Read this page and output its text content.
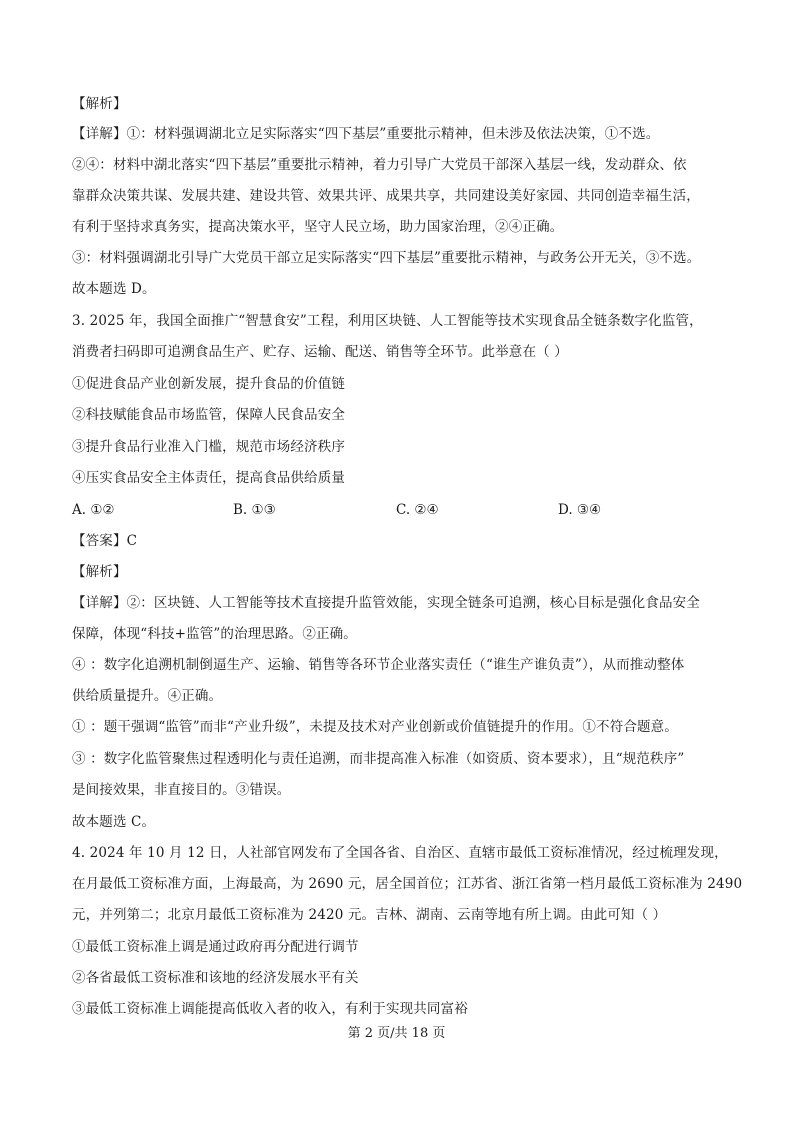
【解析】
【详解】①：材料强调湖北立足实际落实“四下基层”重要批示精神，但未涉及依法决策，①不选。
②④：材料中湖北落实“四下基层”重要批示精神，着力引导广大党员干部深入基层一线，发动群众、依
靠群众决策共谋、发展共建、建设共管、效果共评、成果共享，共同建设美好家园、共同创造幸福生活，
有利于坚持求真务实，提高决策水平，坚守人民立场，助力国家治理，②④正确。
③：材料强调湖北引导广大党员干部立足实际落实“四下基层”重要批示精神，与政务公开无关，③不选。
故本题选 D。
3. 2025 年，我国全面推广“智慧食安”工程，利用区块链、人工智能等技术实现食品全链条数字化监管，
消费者扫码即可追溯食品生产、贮存、运输、配送、销售等全环节。此举意在（ ）
①促进食品产业创新发展，提升食品的价值链
②科技赋能食品市场监管，保障人民食品安全
③提升食品行业准入门槛，规范市场经济秩序
④压实食品安全主体责任，提高食品供给质量
A. ①②	B. ①③	C. ②④	D. ③④
【答案】C
【解析】
【详解】②：区块链、人工智能等技术直接提升监管效能，实现全链条可追溯，核心目标是强化食品安全
保障，体现“科技+监管”的治理思路。②正确。
④ ：数字化追溯机制倒逼生产、运输、销售等各环节企业落实责任（“谁生产谁负责”），从而推动整体
供给质量提升。④正确。
① ：题干强调“监管”而非“产业升级”，未提及技术对产业创新或价值链提升的作用。①不符合题意。
③ ：数字化监管聚焦过程透明化与责任追溯，而非提高准入标准（如资质、资本要求），且“规范秩序”
是间接效果，非直接目的。③错误。
故本题选 C。
4. 2024 年 10 月 12 日，人社部官网发布了全国各省、自治区、直辖市最低工资标准情况，经过梳理发现，
在月最低工资标准方面，上海最高，为 2690 元，居全国首位；江苏省、浙江省第一档月最低工资标准为 2490
元，并列第二；北京月最低工资标准为 2420 元。吉林、湖南、云南等地有所上调。由此可知（ ）
①最低工资标准上调是通过政府再分配进行调节
②各省最低工资标准和该地的经济发展水平有关
③最低工资标准上调能提高低收入者的收入，有利于实现共同富裕
第 2 页/共 18 页
